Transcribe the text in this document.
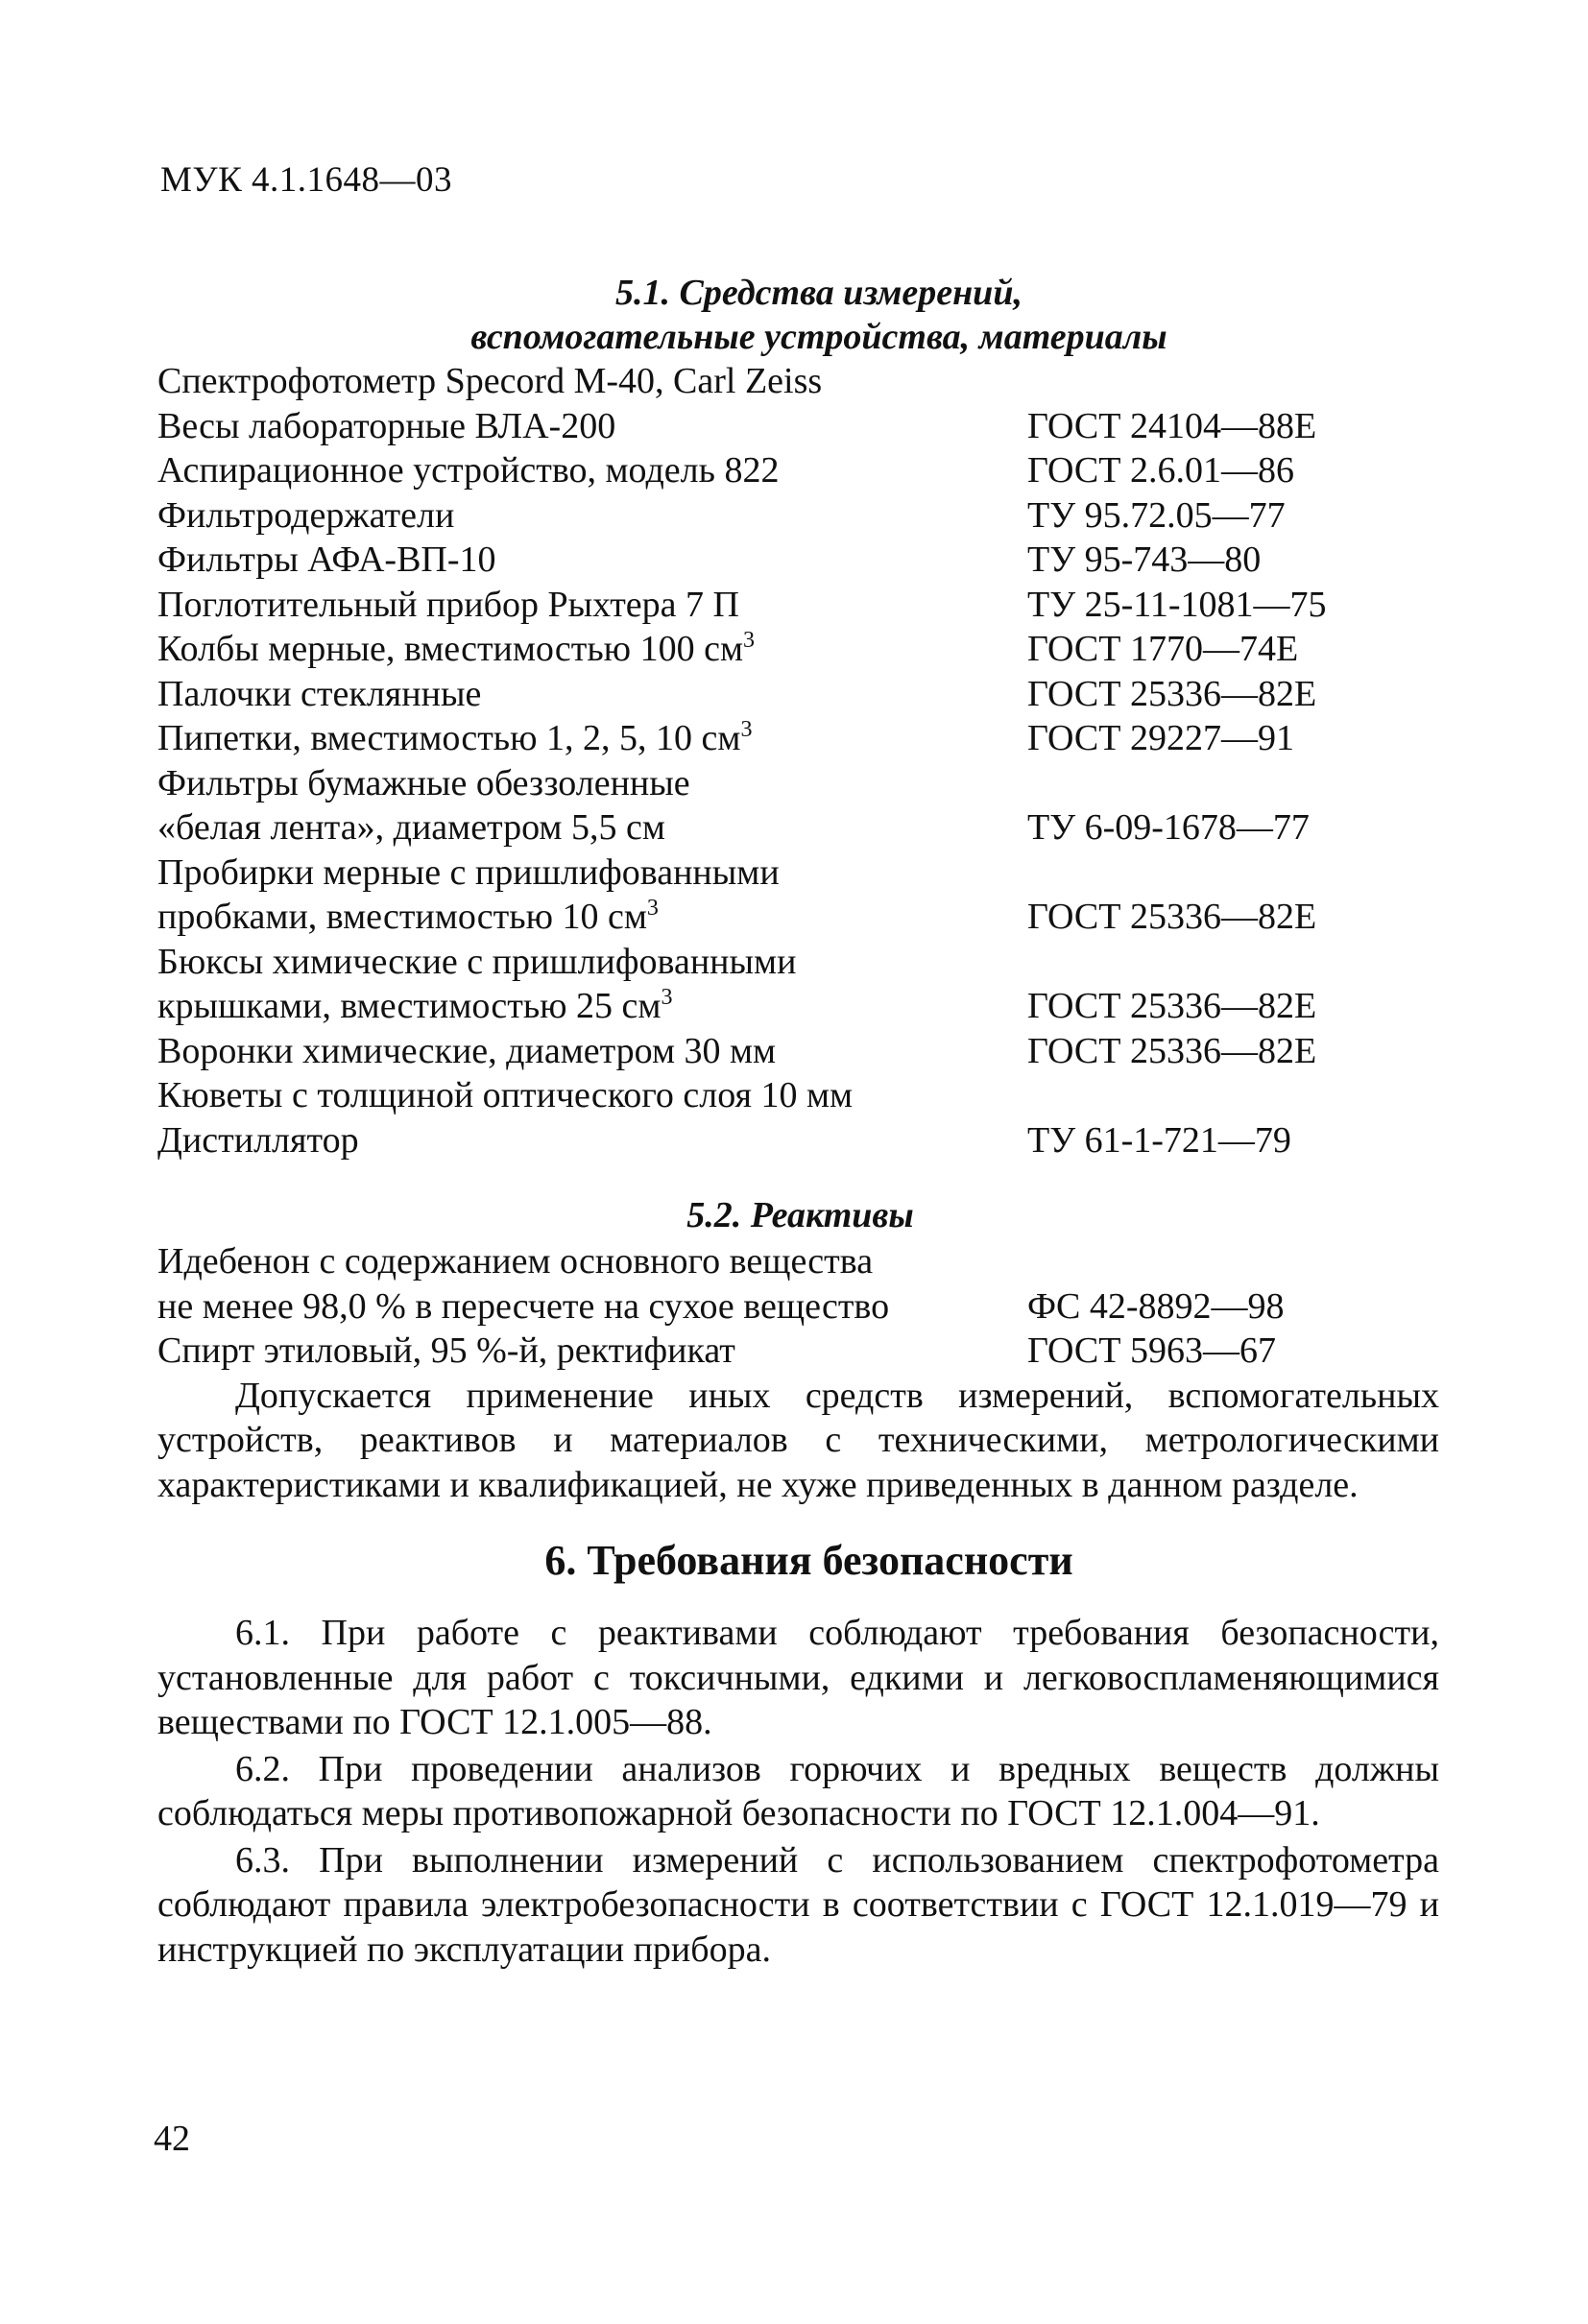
МУК 4.1.1648—03
5.1. Средства измерений,
вспомогательные устройства, материалы
Спектрофотометр Specord M-40, Carl Zeiss
Весы лабораторные ВЛА-200	ГОСТ 24104—88Е
Аспирационное устройство, модель 822	ГОСТ 2.6.01—86
Фильтродержатели	ТУ 95.72.05—77
Фильтры АФА-ВП-10	ТУ 95-743—80
Поглотительный прибор Рыхтера 7 П	ТУ 25-11-1081—75
Колбы мерные, вместимостью 100 $см^3$	ГОСТ 1770—74Е
Палочки стеклянные	ГОСТ 25336—82Е
Пипетки, вместимостью 1, 2, 5, 10 $см^3$	ГОСТ 29227—91
Фильтры бумажные обеззоленные
«белая лента», диаметром 5,5 см	ТУ 6-09-1678—77
Пробирки мерные с пришлифованными
пробками, вместимостью 10 $см^3$	ГОСТ 25336—82Е
Бюксы химические с пришлифованными
крышками, вместимостью 25 $см^3$	ГОСТ 25336—82Е
Воронки химические, диаметром 30 мм	ГОСТ 25336—82Е
Кюветы с толщиной оптического слоя 10 мм
Дистиллятор	ТУ 61-1-721—79
5.2. Реактивы
Идебенон с содержанием основного вещества
не менее 98,0 % в пересчете на сухое вещество	ФС 42-8892—98
Спирт этиловый, 95 %-й, ректификат	ГОСТ 5963—67

Допускается применение иных средств измерений, вспомогательных устройств, реактивов и материалов с техническими, метрологическими характеристиками и квалификацией, не хуже приведенных в данном разделе.

6. Требования безопасности

6.1. При работе с реактивами соблюдают требования безопасности, установленные для работ с токсичными, едкими и легковоспламеняющимися веществами по ГОСТ 12.1.005—88.

6.2. При проведении анализов горючих и вредных веществ должны соблюдаться меры противопожарной безопасности по ГОСТ 12.1.004—91.

6.3. При выполнении измерений с использованием спектрофотометра соблюдают правила электробезопасности в соответствии с ГОСТ 12.1.019—79 и инструкцией по эксплуатации прибора.

42
